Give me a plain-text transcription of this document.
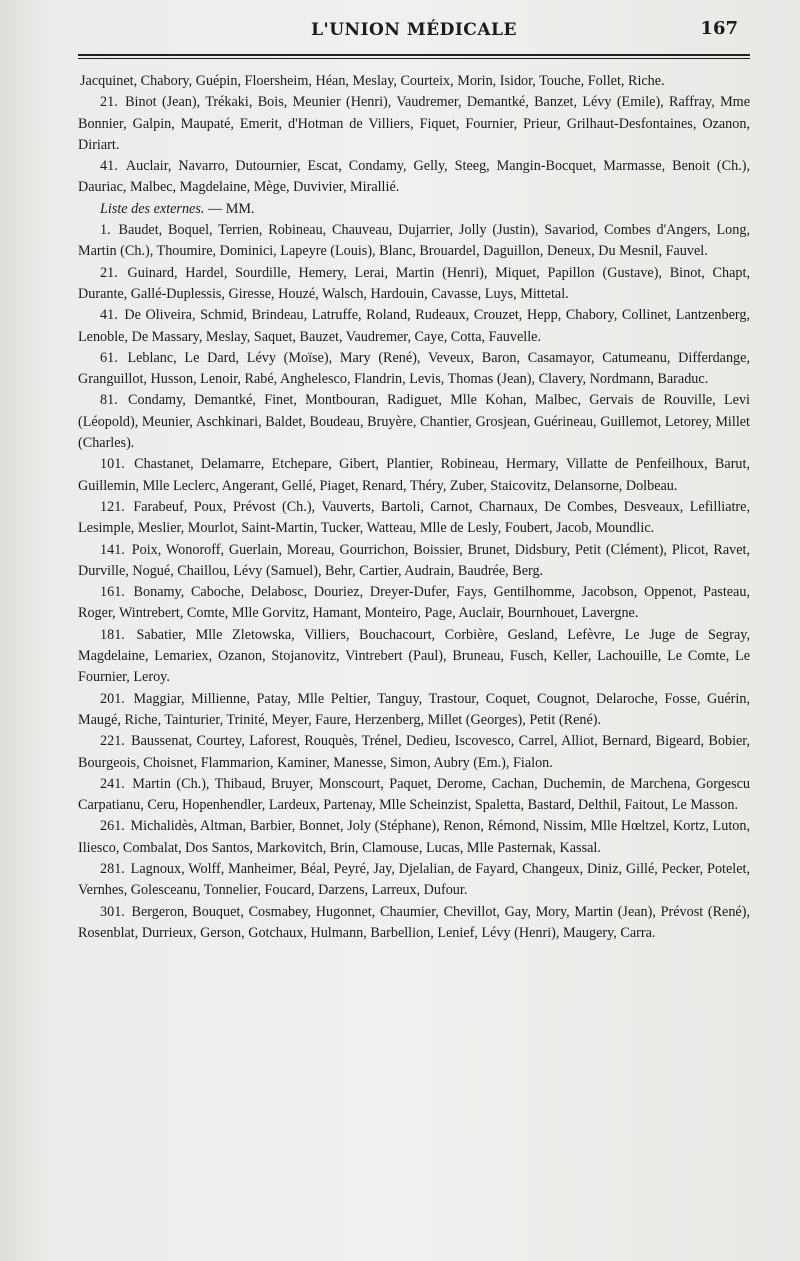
L'UNION MÉDICALE	167

Jacquinet, Chabory, Guépin, Floersheim, Héan, Meslay, Courteix, Morin, Isidor, Touche, Follet, Riche.

21. Binot (Jean), Trékaki, Bois, Meunier (Henri), Vaudremer, Demantké, Banzet, Lévy (Emile), Raffray, Mme Bonnier, Galpin, Maupaté, Emerit, d'Hotman de Villiers, Fiquet, Fournier, Prieur, Grilhaut-Desfontaines, Ozanon, Diriart.

41. Auclair, Navarro, Dutournier, Escat, Condamy, Gelly, Steeg, Mangin-Bocquet, Marmasse, Benoit (Ch.), Dauriac, Malbec, Magdelaine, Mège, Duvivier, Mirallié.

Liste des externes. — MM.

1. Baudet, Boquel, Terrien, Robineau, Chauveau, Dujarrier, Jolly (Justin), Savariod, Combes d'Angers, Long, Martin (Ch.), Thoumire, Dominici, Lapeyre (Louis), Blanc, Brouardel, Daguillon, Deneux, Du Mesnil, Fauvel.

21. Guinard, Hardel, Sourdille, Hemery, Lerai, Martin (Henri), Miquet, Papillon (Gustave), Binot, Chapt, Durante, Gallé-Duplessis, Giresse, Houzé, Walsch, Hardouin, Cavasse, Luys, Mittetal.

41. De Oliveira, Schmid, Brindeau, Latruffe, Roland, Rudeaux, Crouzet, Hepp, Chabory, Collinet, Lantzenberg, Lenoble, De Massary, Meslay, Saquet, Bauzet, Vaudremer, Caye, Cotta, Fauvelle.

61. Leblanc, Le Dard, Lévy (Moïse), Mary (René), Veveux, Baron, Casamayor, Catumeanu, Differdange, Granguillot, Husson, Lenoir, Rabé, Anghelesco, Flandrin, Levis, Thomas (Jean), Clavery, Nordmann, Baraduc.

81. Condamy, Demantké, Finet, Montbouran, Radiguet, Mlle Kohan, Malbec, Gervais de Rouville, Levi (Léopold), Meunier, Aschkinari, Baldet, Boudeau, Bruyère, Chantier, Grosjean, Guérineau, Guillemot, Letorey, Millet (Charles).

101. Chastanet, Delamarre, Etchepare, Gibert, Plantier, Robineau, Hermary, Villatte de Penfeilhoux, Barut, Guillemin, Mlle Leclerc, Angerant, Gellé, Piaget, Renard, Théry, Zuber, Staicovitz, Delansorne, Dolbeau.

121. Farabeuf, Poux, Prévost (Ch.), Vauverts, Bartoli, Carnot, Charnaux, De Combes, Desveaux, Lefilliatre, Lesimple, Meslier, Mourlot, Saint-Martin, Tucker, Watteau, Mlle de Lesly, Foubert, Jacob, Moundlic.

141. Poix, Wonoroff, Guerlain, Moreau, Gourrichon, Boissier, Brunet, Didsbury, Petit (Clément), Plicot, Ravet, Durville, Nogué, Chaillou, Lévy (Samuel), Behr, Cartier, Audrain, Baudrée, Berg.

161. Bonamy, Caboche, Delabosc, Douriez, Dreyer-Dufer, Fays, Gentilhomme, Jacobson, Oppenot, Pasteau, Roger, Wintrebert, Comte, Mlle Gorvitz, Hamant, Monteiro, Page, Auclair, Bournhouet, Lavergne.

181. Sabatier, Mlle Zletowska, Villiers, Bouchacourt, Corbière, Gesland, Lefèvre, Le Juge de Segray, Magdelaine, Lemariex, Ozanon, Stojanovitz, Vintrebert (Paul), Bruneau, Fusch, Keller, Lachouille, Le Comte, Le Fournier, Leroy.

201. Maggiar, Millienne, Patay, Mlle Peltier, Tanguy, Trastour, Coquet, Cougnot, Delaroche, Fosse, Guérin, Maugé, Riche, Tainturier, Trinité, Meyer, Faure, Herzenberg, Millet (Georges), Petit (René).

221. Baussenat, Courtey, Laforest, Rouquès, Trénel, Dedieu, Iscovesco, Carrel, Alliot, Bernard, Bigeard, Bobier, Bourgeois, Choisnet, Flammarion, Kaminer, Manesse, Simon, Aubry (Em.), Fialon.

241. Martin (Ch.), Thibaud, Bruyer, Monscourt, Paquet, Derome, Cachan, Duchemin, de Marchena, Gorgescu Carpatianu, Ceru, Hopenhendler, Lardeux, Partenay, Mlle Scheinzist, Spaletta, Bastard, Delthil, Faitout, Le Masson.

261. Michalidès, Altman, Barbier, Bonnet, Joly (Stéphane), Renon, Rémond, Nissim, Mlle Hœltzel, Kortz, Luton, Iliesco, Combalat, Dos Santos, Markovitch, Brin, Clamouse, Lucas, Mlle Pasternak, Kassal.

281. Lagnoux, Wolff, Manheimer, Béal, Peyré, Jay, Djelalian, de Fayard, Changeux, Diniz, Gillé, Pecker, Potelet, Vernhes, Golesceanu, Tonnelier, Foucard, Darzens, Larreux, Dufour.

301. Bergeron, Bouquet, Cosmabey, Hugonnet, Chaumier, Chevillot, Gay, Mory, Martin (Jean), Prévost (René), Rosenblat, Durrieux, Gerson, Gotchaux, Hulmann, Barbellion, Lenief, Lévy (Henri), Maugery, Carra.
